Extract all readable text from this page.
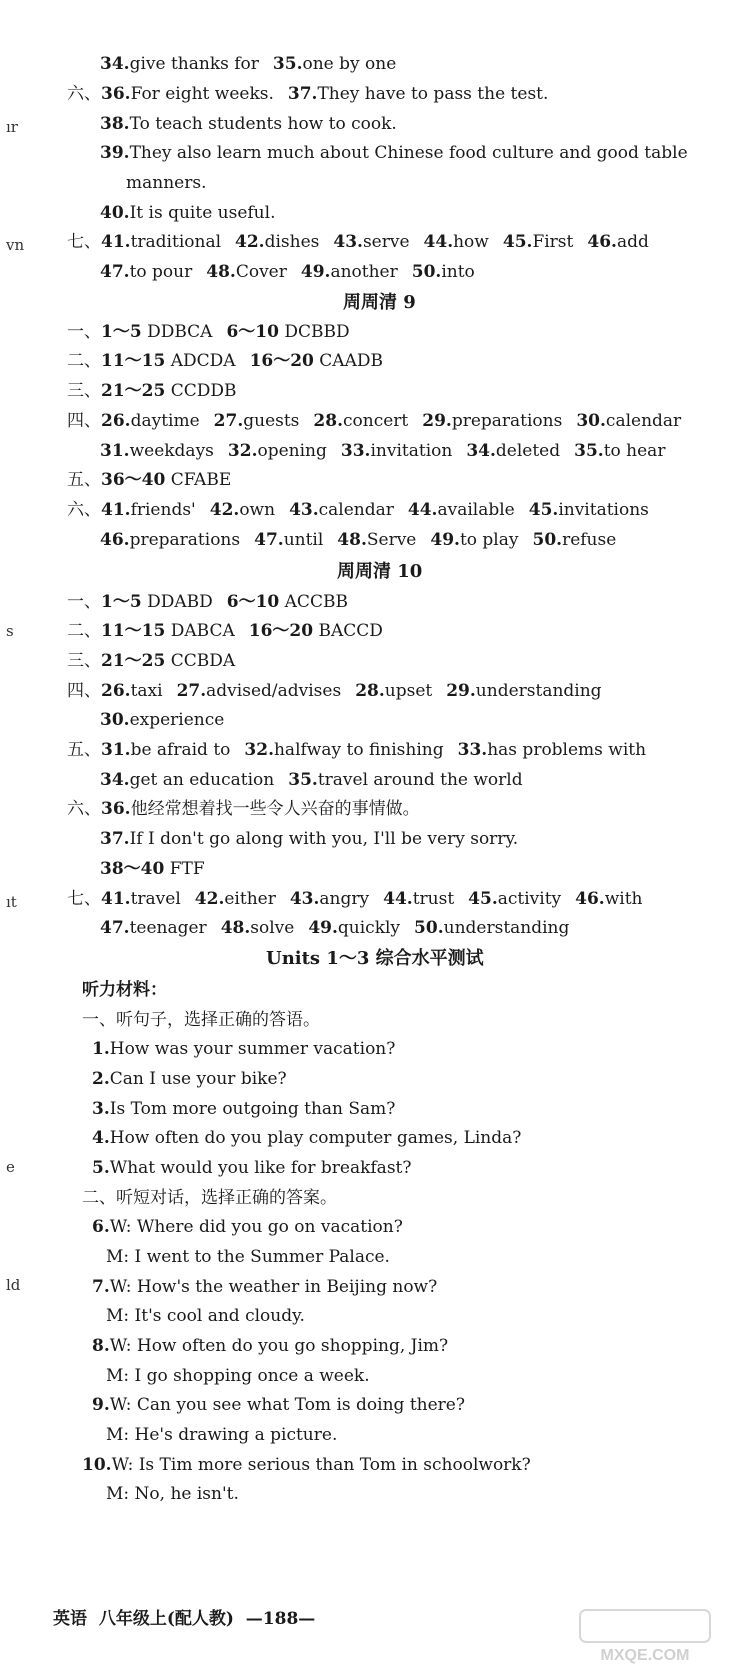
ır
vn
s
ıt
e
ld
34.give thanks for 35.one by one
六、36.For eight weeks. 37.They have to pass the test.
38.To teach students how to cook.
39.They also learn much about Chinese food culture and good table
manners.
40.It is quite useful.
七、41.traditional 42.dishes 43.serve 44.how 45.First 46.add
47.to pour 48.Cover 49.another 50.into
周周清 9
一、1～5 DDBCA 6～10 DCBBD
二、11～15 ADCDA 16～20 CAADB
三、21～25 CCDDB
四、26.daytime 27.guests 28.concert 29.preparations 30.calendar
31.weekdays 32.opening 33.invitation 34.deleted 35.to hear
五、36～40 CFABE
六、41.friends' 42.own 43.calendar 44.available 45.invitations
46.preparations 47.until 48.Serve 49.to play 50.refuse
周周清 10
一、1～5 DDABD 6～10 ACCBB
二、11～15 DABCA 16～20 BACCD
三、21～25 CCBDA
四、26.taxi 27.advised/advises 28.upset 29.understanding
30.experience
五、31.be afraid to 32.halfway to finishing 33.has problems with
34.get an education 35.travel around the world
六、36.他经常想着找一些令人兴奋的事情做。
37.If I don't go along with you, I'll be very sorry.
38～40 FTF
七、41.travel 42.either 43.angry 44.trust 45.activity 46.with
47.teenager 48.solve 49.quickly 50.understanding
Units 1～3 综合水平测试
听力材料：
一、听句子，选择正确的答语。
1.How was your summer vacation?
2.Can I use your bike?
3.Is Tom more outgoing than Sam?
4.How often do you play computer games, Linda?
5.What would you like for breakfast?
二、听短对话，选择正确的答案。
6.W: Where did you go on vacation?
M: I went to the Summer Palace.
7.W: How's the weather in Beijing now?
M: It's cool and cloudy.
8.W: How often do you go shopping, Jim?
M: I go shopping once a week.
9.W: Can you see what Tom is doing there?
M: He's drawing a picture.
10.W: Is Tim more serious than Tom in schoolwork?
M: No, he isn't.
英语 八年级上(配人教) —188—
MXQE.COM
